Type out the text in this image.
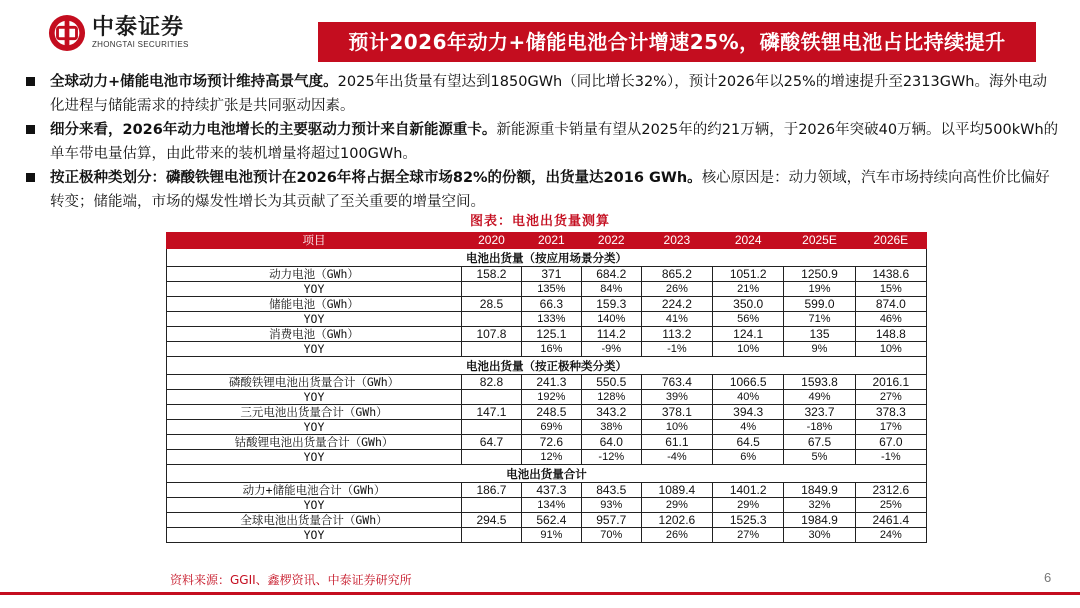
中泰证券
ZHONGTAI SECURITIES	预计2026年动力+储能电池合计增速25%，磷酸铁锂电池占比持续提升
全球动力+储能电池市场预计维持高景气度。2025年出货量有望达到1850GWh（同比增长32%），预计2026年以25%的增速提升至2313GWh。海外电动化进程与储能需求的持续扩张是共同驱动因素。
细分来看，2026年动力电池增长的主要驱动力预计来自新能源重卡。新能源重卡销量有望从2025年的约21万辆，于2026年突破40万辆。以平均500kWh的单车带电量估算，由此带来的装机增量将超过100GWh。
按正极种类划分：磷酸铁锂电池预计在2026年将占据全球市场82%的份额，出货量达2016 GWh。核心原因是：动力领域，汽车市场持续向高性价比偏好转变；储能端，市场的爆发性增长为其贡献了至关重要的增量空间。
图表：电池出货量测算
项目	2020	2021	2022	2023	2024	2025E	2026E
电池出货量（按应用场景分类）							
动力电池（GWh）	158.2	371	684.2	865.2	1051.2	1250.9	1438.6
YOY		135%	84%	26%	21%	19%	15%
储能电池（GWh）	28.5	66.3	159.3	224.2	350.0	599.0	874.0
YOY		133%	140%	41%	56%	71%	46%
消费电池（GWh）	107.8	125.1	114.2	113.2	124.1	135	148.8
YOY		16%	-9%	-1%	10%	9%	10%
电池出货量（按正极种类分类）							
磷酸铁锂电池出货量合计（GWh）	82.8	241.3	550.5	763.4	1066.5	1593.8	2016.1
YOY		192%	128%	39%	40%	49%	27%
三元电池出货量合计（GWh）	147.1	248.5	343.2	378.1	394.3	323.7	378.3
YOY		69%	38%	10%	4%	-18%	17%
钴酸锂电池出货量合计（GWh）	64.7	72.6	64.0	61.1	64.5	67.5	67.0
YOY		12%	-12%	-4%	6%	5%	-1%
电池出货量合计							
动力+储能电池合计（GWh）	186.7	437.3	843.5	1089.4	1401.2	1849.9	2312.6
YOY		134%	93%	29%	29%	32%	25%
全球电池出货量合计（GWh）	294.5	562.4	957.7	1202.6	1525.3	1984.9	2461.4
YOY		91%	70%	26%	27%	30%	24%
资料来源：GGII、鑫椤资讯、中泰证券研究所	6
